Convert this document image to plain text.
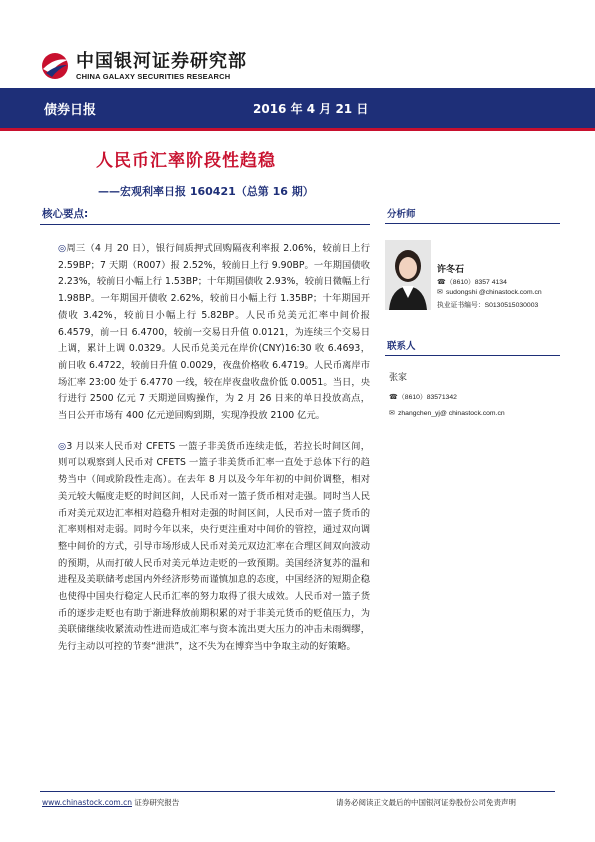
中国银河证券研究部
CHINA GALAXY SECURITIES RESEARCH
债券日报	2016 年 4 月 21 日
人民币汇率阶段性趋稳
——宏观利率日报 160421（总第 16 期）
核心要点:
◎周三（4 月 20 日），银行间质押式回购隔夜利率报 2.06%，较前日上行 2.59BP；7 天期（R007）报 2.52%，较前日上行 9.90BP。一年期国债收 2.23%，较前日小幅上行 1.53BP；十年期国债收 2.93%，较前日微幅上行 1.98BP。一年期国开债收 2.62%，较前日小幅上行 1.35BP；十年期国开债收 3.42%，较前日小幅上行 5.82BP。人民币兑美元汇率中间价报 6.4579，前一日 6.4700，较前一交易日升值 0.0121，为连续三个交易日上调，累计上调 0.0329。人民币兑美元在岸价(CNY)16:30 收 6.4693，前日收 6.4722，较前日升值 0.0029，夜盘价格收 6.4719。人民币离岸市场汇率 23:00 处于 6.4770 一线，较在岸夜盘收盘价低 0.0051。当日，央行进行 2500 亿元 7 天期逆回购操作，为 2 月 26 日来的单日投放高点，当日公开市场有 400 亿元逆回购到期，实现净投放 2100 亿元。
◎3 月以来人民币对 CFETS 一篮子非美货币连续走低，若拉长时间区间，则可以观察到人民币对 CFETS 一篮子非美货币汇率一直处于总体下行的趋势当中（间或阶段性走高）。在去年 8 月以及今年年初的中间价调整，相对美元较大幅度走贬的时间区间，人民币对一篮子货币相对走强。同时当人民币对美元双边汇率相对趋稳升相对走强的时间区间，人民币对一篮子货币的汇率则相对走弱。同时今年以来，央行更注重对中间价的管控，通过双向调整中间价的方式，引导市场形成人民币对美元双边汇率在合理区间双向波动的预期，从而打破人民币对美元单边走贬的一致预期。美国经济复苏的温和进程及美联储考虑国内外经济形势而谨慎加息的态度，中国经济的短期企稳也使得中国央行稳定人民币汇率的努力取得了很大成效。人民币对一篮子货币的逐步走贬也有助于渐进释放前期积累的对于非美元货币的贬值压力，为美联储继续收紧流动性进而造成汇率与资本流出更大压力的冲击未雨绸缪，先行主动以可控的节奏“泄洪”，这不失为在博弈当中争取主动的好策略。
分析师
许冬石
☎（8610）8357 4134
✉ sudongshi @chinastock.com.cn
执业证书编号：S0130515030003
联系人
张家
☎（8610）83571342
✉ zhangchen_yj@ chinastock.com.cn
www.chinastock.com.cn 证券研究报告	请务必阅读正文最后的中国银河证券股份公司免责声明
